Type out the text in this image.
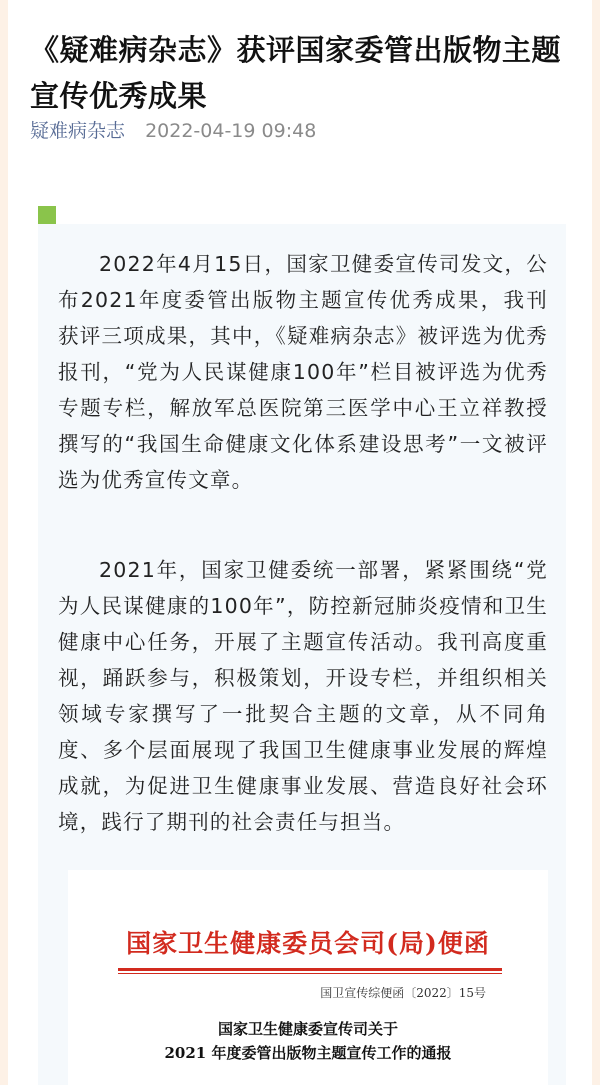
《疑难病杂志》获评国家委管出版物主题宣传优秀成果
疑难病杂志 2022-04-19 09:48

2022年4月15日，国家卫健委宣传司发文，公布2021年度委管出版物主题宣传优秀成果，我刊获评三项成果，其中，《疑难病杂志》被评选为优秀报刊，“党为人民谋健康100年”栏目被评选为优秀专题专栏，解放军总医院第三医学中心王立祥教授撰写的“我国生命健康文化体系建设思考”一文被评选为优秀宣传文章。

2021年，国家卫健委统一部署，紧紧围绕“党为人民谋健康的100年”，防控新冠肺炎疫情和卫生健康中心任务，开展了主题宣传活动。我刊高度重视，踊跃参与，积极策划，开设专栏，并组织相关领域专家撰写了一批契合主题的文章，从不同角度、多个层面展现了我国卫生健康事业发展的辉煌成就，为促进卫生健康事业发展、营造良好社会环境，践行了期刊的社会责任与担当。

国家卫生健康委员会司(局)便函
国卫宣传综便函〔2022〕15号
国家卫生健康委宣传司关于
2021 年度委管出版物主题宣传工作的通报
